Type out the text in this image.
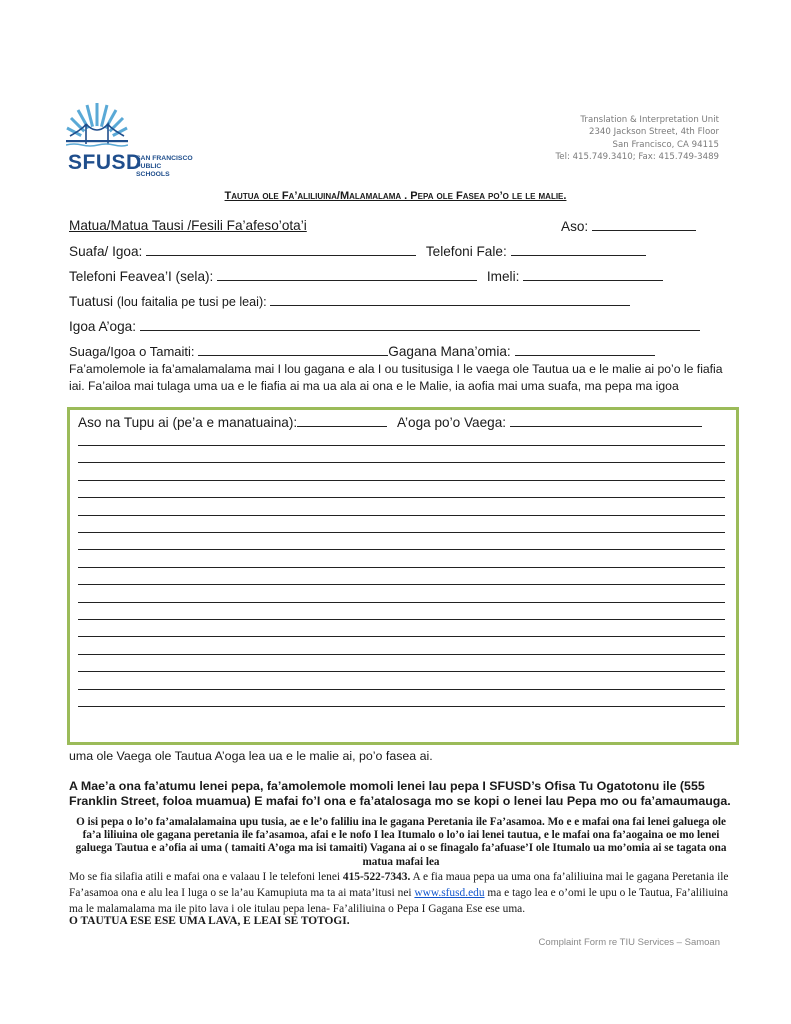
SFUSD
SAN FRANCISCO
PUBLIC SCHOOLS
Translation & Interpretation Unit
2340 Jackson Street, 4th Floor
San Francisco, CA 94115
Tel: 415.749.3410; Fax: 415.749-3489
Tautua ole Fa’aliliuina/Malamalama . Pepa ole Fasea po’o le le malie.
Matua/Matua Tausi /Fesili Fa’afeso’ota’i	Aso:
Suafa/ Igoa:	Telefoni Fale:
Telefoni Feavea’I (sela):	Imeli:
Tuatusi (lou faitalia pe tusi pe leai):
Igoa A’oga:
Suaga/Igoa o Tamaiti:	Gagana Mana’omia:
Fa’amolemole ia fa’amalamalama mai I lou gagana e ala I ou tusitusiga I le vaega ole Tautua ua e le malie ai po’o le fiafia iai. Fa’ailoa mai tulaga uma ua e le fiafia ai ma ua ala ai ona e le Malie, ia aofia mai uma suafa, ma pepa ma igoa
Aso na Tupu ai (pe’a e manatuaina):	A’oga po’o Vaega:
uma ole Vaega ole Tautua A’oga lea ua e le malie ai, po’o fasea ai.
A Mae’a ona fa’atumu lenei pepa, fa’amolemole momoli lenei lau pepa I SFUSD’s Ofisa Tu Ogatotonu ile (555
Franklin Street, foloa muamua) E mafai fo’I ona e fa’atalosaga mo se kopi o lenei lau Pepa mo ou fa’amaumauga.
O isi pepa o lo’o fa’amalalamaina upu tusia, ae e le’o faliliu ina le gagana Peretania ile Fa’asamoa. Mo e e mafai ona fai lenei galuega ole fa’a liliuina ole gagana peretania ile fa’asamoa, afai e le nofo I lea Itumalo o lo’o iai lenei tautua, e le mafai ona fa’aogaina oe mo lenei galuega Tautua e a’ofia ai uma ( tamaiti A’oga ma isi tamaiti) Vagana ai o se finagalo fa’afuase’I ole Itumalo ua mo’omia ai se tagata ona matua mafai lea
Mo se fia silafia atili e mafai ona e valaau I le telefoni lenei 415-522-7343. A e fia maua pepa ua uma ona fa’aliliuina mai le gagana Peretania ile Fa’asamoa ona e alu lea I luga o se la’au Kamupiuta ma ta ai mata’itusi nei www.sfusd.edu ma e tago lea e o’omi le upu o le Tautua, Fa’aliliuina ma le malamalama ma ile pito lava i ole itulau pepa lena- Fa’aliliuina o Pepa I Gagana Ese ese uma.
O TAUTUA ESE ESE UMA LAVA, E LEAI SE TOTOGI.
Complaint Form re TIU Services – Samoan
